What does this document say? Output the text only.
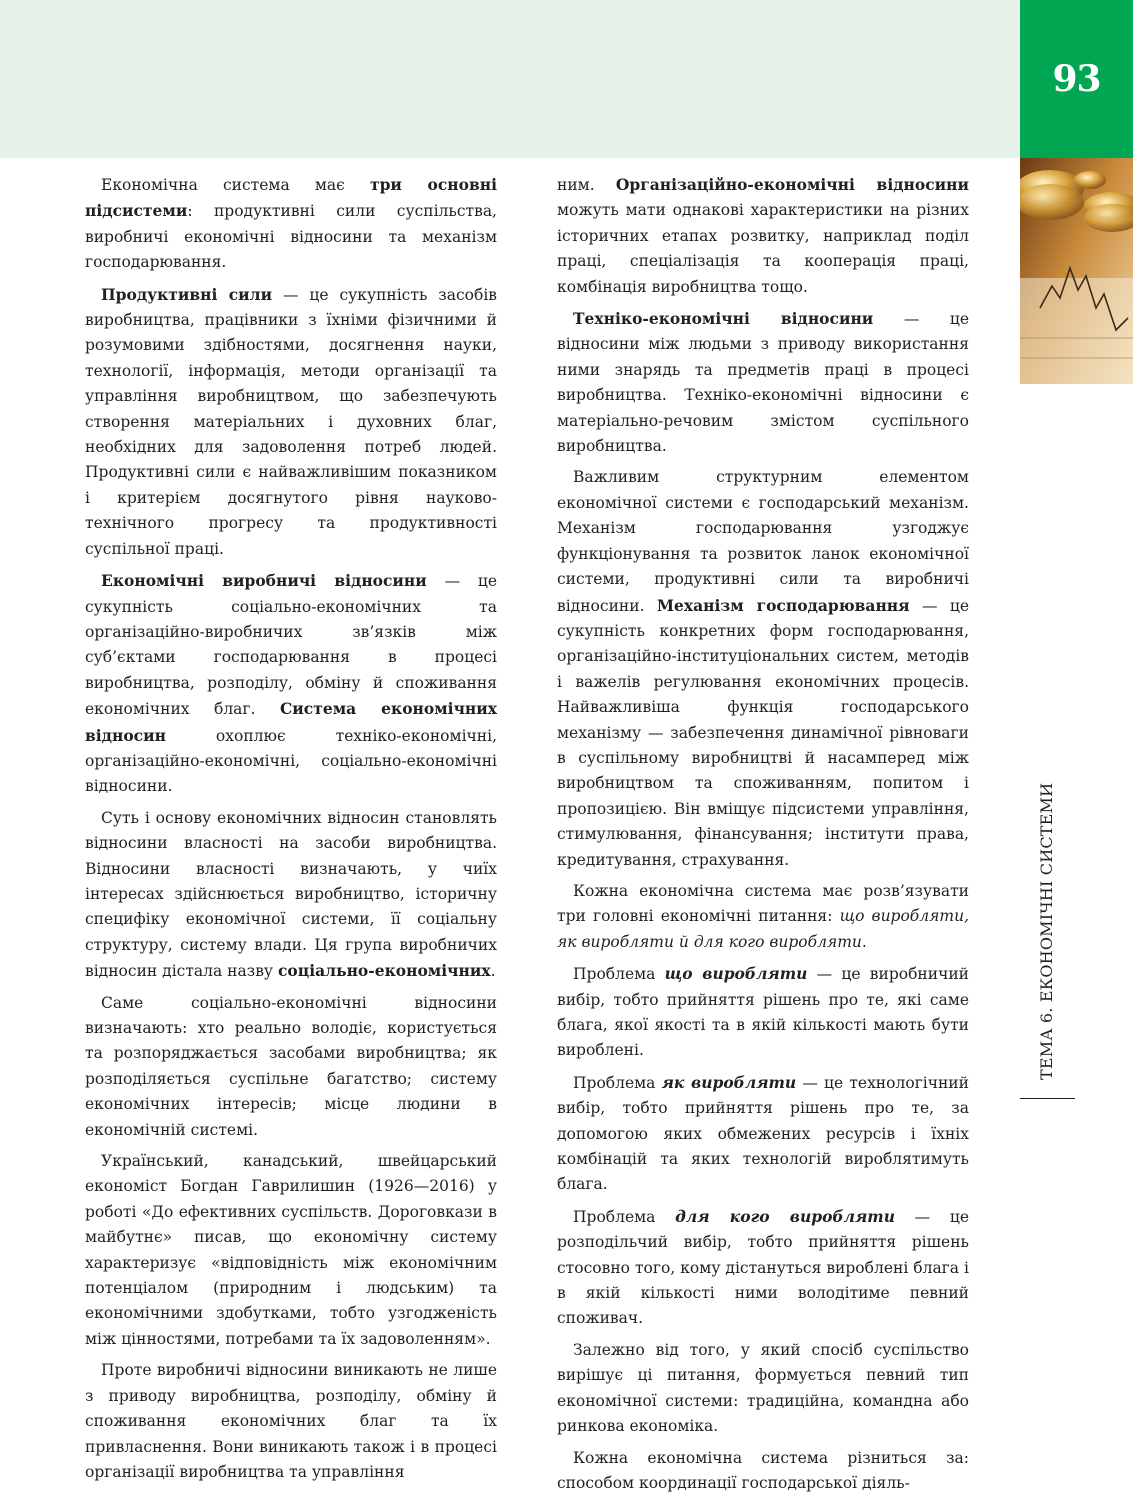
93
ТЕМА 6. ЕКОНОМІЧНІ СИСТЕМИ

Економічна система має три основні підсистеми: продуктивні сили суспільства, виробничі економічні відносини та механізм господарювання.

Продуктивні сили — це сукупність засобів виробництва, працівники з їхніми фізичними й розумовими здібностями, досягнення науки, технології, інформація, методи організації та управління виробництвом, що забезпечують створення матеріальних і духовних благ, необхідних для задоволення потреб людей. Продуктивні сили є найважливішим показником і критерієм досягнутого рівня науково-технічного прогресу та продуктивності суспільної праці.

Економічні виробничі відносини — це сукупність соціально-економічних та організаційно-виробничих зв’язків між суб’єктами господарювання в процесі виробництва, розподілу, обміну й споживання економічних благ. Система економічних відносин охоплює техніко-економічні, організаційно-економічні, соціально-економічні відносини.

Суть і основу економічних відносин становлять відносини власності на засоби виробництва. Відносини власності визначають, у чиїх інтересах здійснюється виробництво, історичну специфіку економічної системи, її соціальну структуру, систему влади. Ця група виробничих відносин дістала назву соціально-економічних.

Саме соціально-економічні відносини визначають: хто реально володіє, користується та розпоряджається засобами виробництва; як розподіляється суспільне багатство; систему економічних інтересів; місце людини в економічній системі.

Український, канадський, швейцарський економіст Богдан Гаврилишин (1926—2016) у роботі «До ефективних суспільств. Дороговкази в майбутнє» писав, що економічну систему характеризує «відповідність між економічним потенціалом (природним і людським) та економічними здобутками, тобто узгодженість між цінностями, потребами та їх задоволенням».

Проте виробничі відносини виникають не лише з приводу виробництва, розподілу, обміну й споживання економічних благ та їх привласнення. Вони виникають також і в процесі організації виробництва та управління

ним. Організаційно-економічні відносини можуть мати однакові характеристики на різних історичних етапах розвитку, наприклад поділ праці, спеціалізація та кооперація праці, комбінація виробництва тощо.

Техніко-економічні відносини — це відносини між людьми з приводу використання ними знарядь та предметів праці в процесі виробництва. Техніко-економічні відносини є матеріально-речовим змістом суспільного виробництва.

Важливим структурним елементом економічної системи є господарський механізм. Механізм господарювання узгоджує функціонування та розвиток ланок економічної системи, продуктивні сили та виробничі відносини. Механізм господарювання — це сукупність конкретних форм господарювання, організаційно-інституціональних систем, методів і важелів регулювання економічних процесів. Найважливіша функція господарського механізму — забезпечення динамічної рівноваги в суспільному виробництві й насамперед між виробництвом та споживанням, попитом і пропозицією. Він вміщує підсистеми управління, стимулювання, фінансування; інститути права, кредитування, страхування.

Кожна економічна система має розв’язувати три головні економічні питання: що виробляти, як виробляти й для кого виробляти.

Проблема що виробляти — це виробничий вибір, тобто прийняття рішень про те, які саме блага, якої якості та в якій кількості мають бути вироблені.

Проблема як виробляти — це технологічний вибір, тобто прийняття рішень про те, за допомогою яких обмежених ресурсів і їхніх комбінацій та яких технологій вироблятимуть блага.

Проблема для кого виробляти — це розподільчий вибір, тобто прийняття рішень стосовно того, кому дістануться вироблені блага і в якій кількості ними володітиме певний споживач.

Залежно від того, у який спосіб суспільство вирішує ці питання, формується певний тип економічної системи: традиційна, командна або ринкова економіка.

Кожна економічна система різниться за: способом координації господарської діяль-
